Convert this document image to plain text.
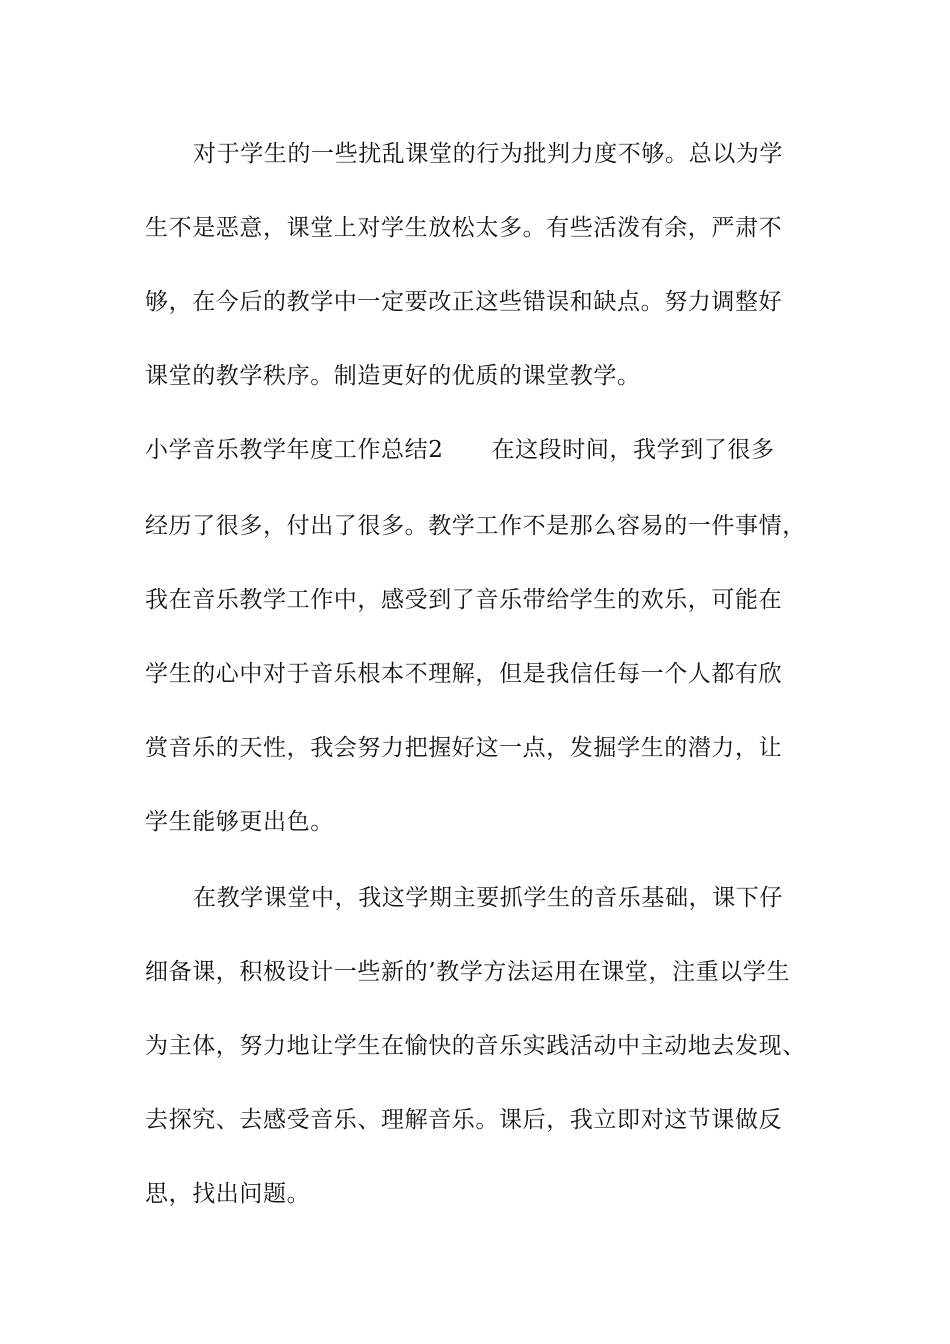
对于学生的一些扰乱课堂的行为批判力度不够。总以为学
生不是恶意，课堂上对学生放松太多。有些活泼有余，严肃不
够，在今后的教学中一定要改正这些错误和缺点。努力调整好
课堂的教学秩序。制造更好的优质的课堂教学。
小学音乐教学年度工作总结2 在这段时间，我学到了很多
经历了很多，付出了很多。教学工作不是那么容易的一件事情，
我在音乐教学工作中，感受到了音乐带给学生的欢乐，可能在
学生的心中对于音乐根本不理解，但是我信任每一个人都有欣
赏音乐的天性，我会努力把握好这一点，发掘学生的潜力，让
学生能够更出色。
在教学课堂中，我这学期主要抓学生的音乐基础，课下仔
细备课，积极设计一些新的’教学方法运用在课堂，注重以学生
为主体，努力地让学生在愉快的音乐实践活动中主动地去发现、
去探究、去感受音乐、理解音乐。课后，我立即对这节课做反
思，找出问题。
